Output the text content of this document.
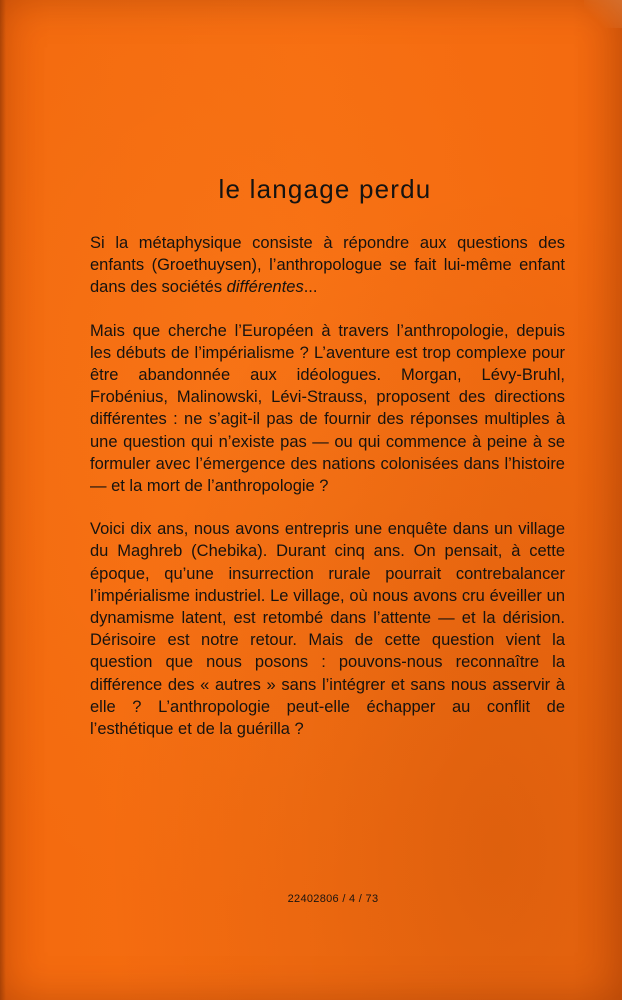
le langage perdu

Si la métaphysique consiste à répondre aux questions des enfants (Groethuysen), l’anthropologue se fait lui-même enfant dans des sociétés différentes...

Mais que cherche l’Européen à travers l’anthropologie, depuis les débuts de l’impérialisme ? L’aventure est trop complexe pour être abandonnée aux idéologues. Morgan, Lévy-Bruhl, Frobénius, Malinowski, Lévi-Strauss, proposent des directions différentes : ne s’agit-il pas de fournir des réponses multiples à une question qui n’existe pas — ou qui commence à peine à se formuler avec l’émergence des nations colonisées dans l’histoire — et la mort de l’anthropologie ?

Voici dix ans, nous avons entrepris une enquête dans un village du Maghreb (Chebika). Durant cinq ans. On pensait, à cette époque, qu’une insurrection rurale pourrait contrebalancer l’impérialisme industriel. Le village, où nous avons cru éveiller un dynamisme latent, est retombé dans l’attente — et la dérision. Dérisoire est notre retour. Mais de cette question vient la question que nous posons : pouvons-nous reconnaître la différence des « autres » sans l’intégrer et sans nous asservir à elle ? L’anthropologie peut-elle échapper au conflit de l’esthétique et de la guérilla ?

22402806 / 4 / 73
